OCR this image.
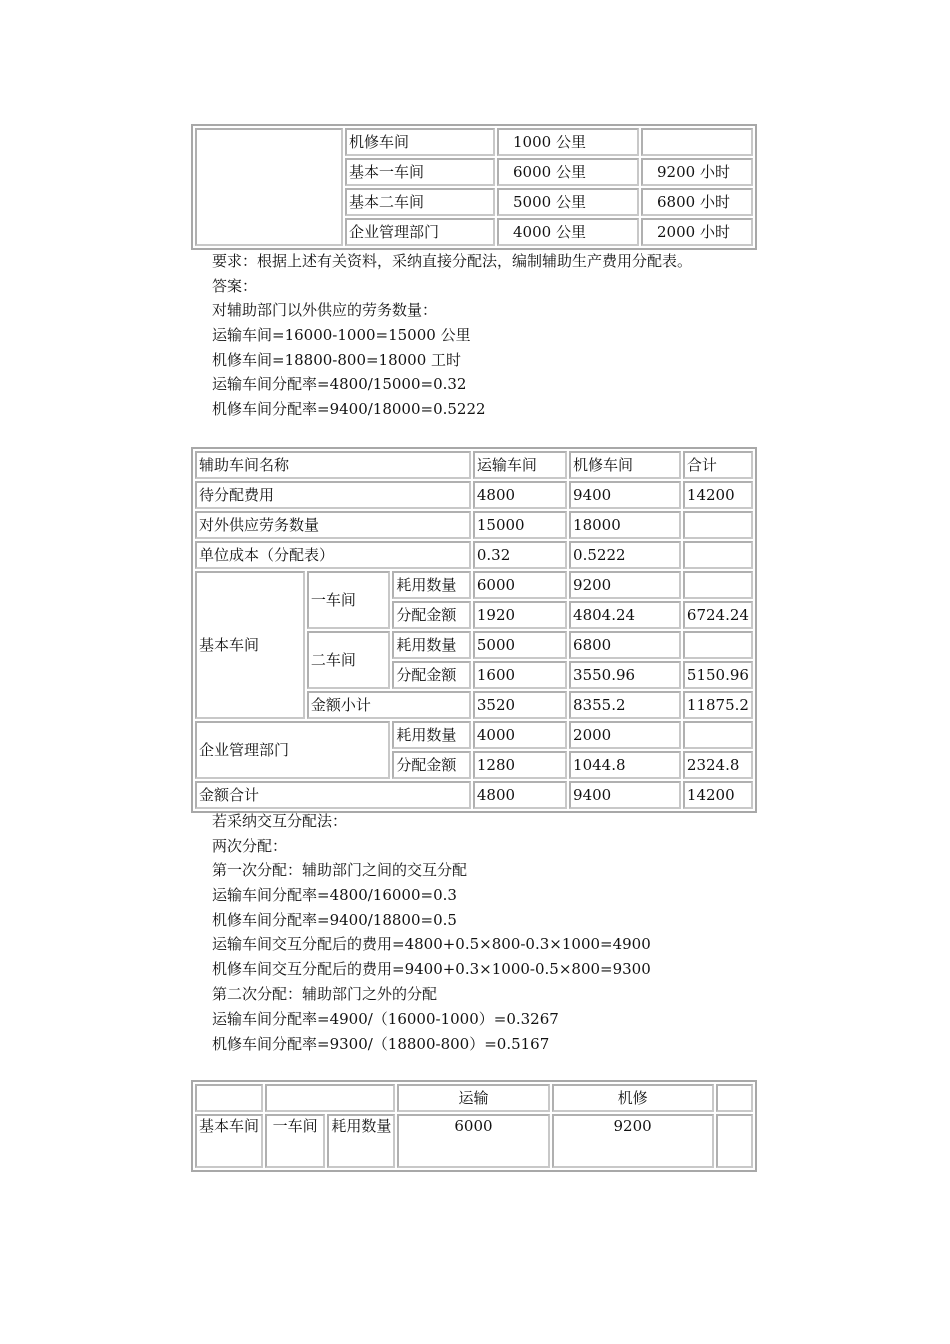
	机修车间	1000 公里	
	基本一车间	6000 公里	9200 小时
	基本二车间	5000 公里	6800 小时
	企业管理部门	4000 公里	2000 小时
要求：根据上述有关资料，采纳直接分配法，编制辅助生产费用分配表。
答案：
对辅助部门以外供应的劳务数量：
运输车间=16000-1000=15000 公里
机修车间=18800-800=18000 工时
运输车间分配率=4800/15000=0.32
机修车间分配率=9400/18000=0.5222
辅助车间名称			运输车间	机修车间	合计
待分配费用			4800	9400	14200
对外供应劳务数量			15000	18000	
单位成本（分配表）			0.32	0.5222	
基本车间	一车间	耗用数量	6000	9200	
		分配金额	1920	4804.24	6724.24
	二车间	耗用数量	5000	6800	
		分配金额	1600	3550.96	5150.96
	金额小计		3520	8355.2	11875.2
企业管理部门		耗用数量	4000	2000	
		分配金额	1280	1044.8	2324.8
金额合计			4800	9400	14200
若采纳交互分配法：
两次分配：
第一次分配：辅助部门之间的交互分配
运输车间分配率=4800/16000=0.3
机修车间分配率=9400/18800=0.5
运输车间交互分配后的费用=4800+0.5×800-0.3×1000=4900
机修车间交互分配后的费用=9400+0.3×1000-0.5×800=9300
第二次分配：辅助部门之外的分配
运输车间分配率=4900/（16000-1000）=0.3267
机修车间分配率=9300/（18800-800）=0.5167
			运输	机修	
基本车间	一车间	耗用数量	6000	9200	
